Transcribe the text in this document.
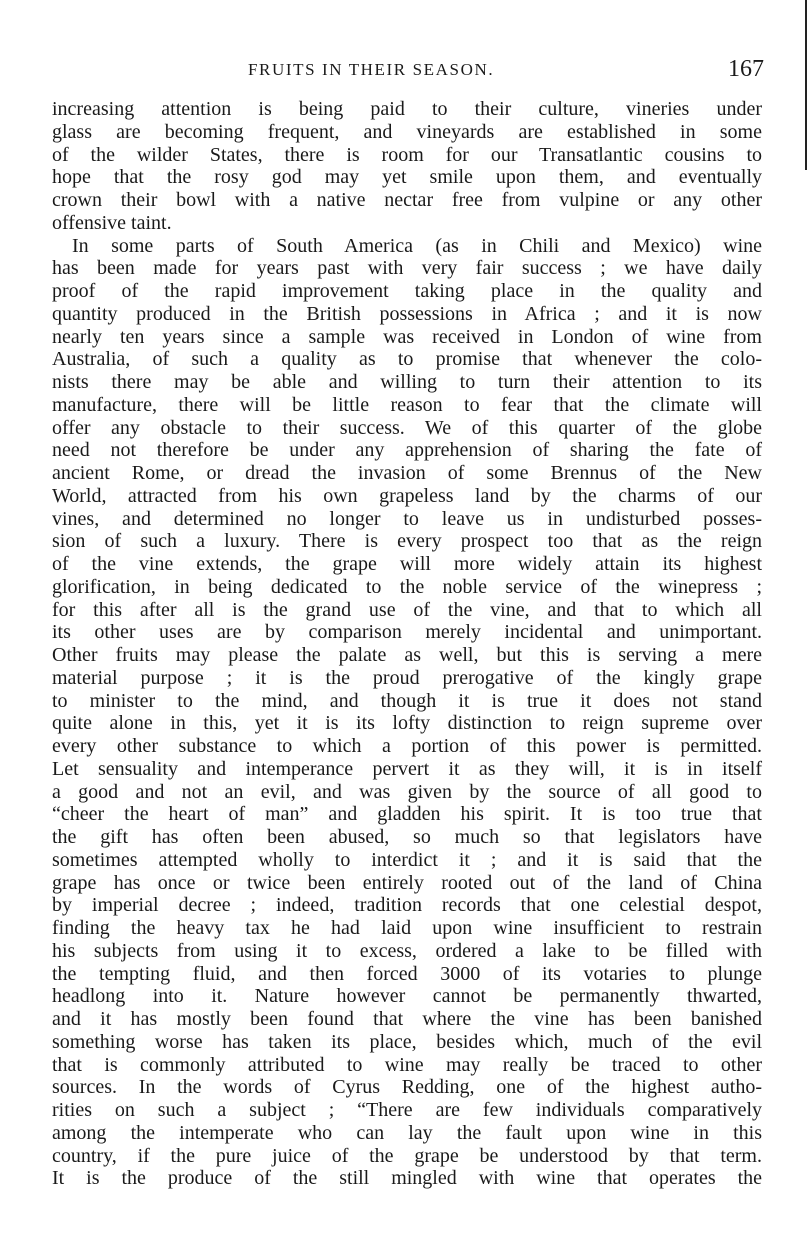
FRUITS IN THEIR SEASON.	167
increasing attention is being paid to their culture, vineries under
glass are becoming frequent, and vineyards are established in some
of the wilder States, there is room for our Transatlantic cousins to
hope that the rosy god may yet smile upon them, and eventually
crown their bowl with a native nectar free from vulpine or any other
offensive taint.
In some parts of South America (as in Chili and Mexico) wine
has been made for years past with very fair success ; we have daily
proof of the rapid improvement taking place in the quality and
quantity produced in the British possessions in Africa ; and it is now
nearly ten years since a sample was received in London of wine from
Australia, of such a quality as to promise that whenever the colo-
nists there may be able and willing to turn their attention to its
manufacture, there will be little reason to fear that the climate will
offer any obstacle to their success. We of this quarter of the globe
need not therefore be under any apprehension of sharing the fate of
ancient Rome, or dread the invasion of some Brennus of the New
World, attracted from his own grapeless land by the charms of our
vines, and determined no longer to leave us in undisturbed posses-
sion of such a luxury. There is every prospect too that as the reign
of the vine extends, the grape will more widely attain its highest
glorification, in being dedicated to the noble service of the winepress ;
for this after all is the grand use of the vine, and that to which all
its other uses are by comparison merely incidental and unimportant.
Other fruits may please the palate as well, but this is serving a mere
material purpose ; it is the proud prerogative of the kingly grape
to minister to the mind, and though it is true it does not stand
quite alone in this, yet it is its lofty distinction to reign supreme over
every other substance to which a portion of this power is permitted.
Let sensuality and intemperance pervert it as they will, it is in itself
a good and not an evil, and was given by the source of all good to
“cheer the heart of man” and gladden his spirit. It is too true that
the gift has often been abused, so much so that legislators have
sometimes attempted wholly to interdict it ; and it is said that the
grape has once or twice been entirely rooted out of the land of China
by imperial decree ; indeed, tradition records that one celestial despot,
finding the heavy tax he had laid upon wine insufficient to restrain
his subjects from using it to excess, ordered a lake to be filled with
the tempting fluid, and then forced 3000 of its votaries to plunge
headlong into it. Nature however cannot be permanently thwarted,
and it has mostly been found that where the vine has been banished
something worse has taken its place, besides which, much of the evil
that is commonly attributed to wine may really be traced to other
sources. In the words of Cyrus Redding, one of the highest autho-
rities on such a subject ; “There are few individuals comparatively
among the intemperate who can lay the fault upon wine in this
country, if the pure juice of the grape be understood by that term.
It is the produce of the still mingled with wine that operates the
